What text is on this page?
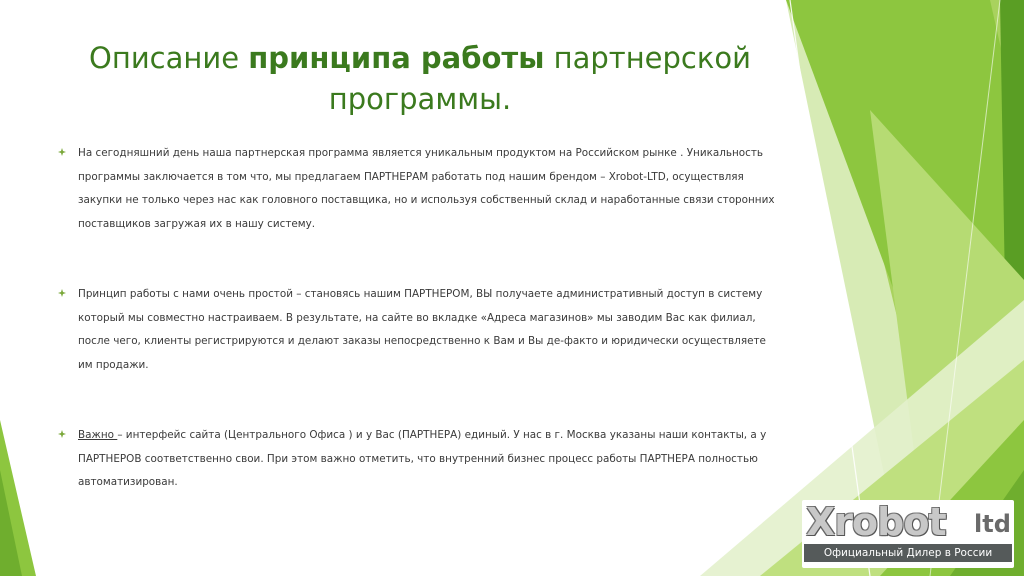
Описание принципа работы партнерской программы.

На сегодняшний день наша партнерская программа является уникальным продуктом на Российском рынке . Уникальность программы заключается в том что, мы предлагаем ПАРТНЕРАМ работать под нашим брендом – Xrobot-LTD, осуществляя закупки не только через нас как головного поставщика, но и используя собственный склад и наработанные связи сторонних поставщиков загружая их в нашу систему.

Принцип работы с нами очень простой – становясь нашим ПАРТНЕРОМ, ВЫ получаете административный доступ в систему который мы совместно настраиваем. В результате, на сайте во вкладке «Адреса магазинов» мы заводим Вас как филиал, после чего, клиенты регистрируются и делают заказы непосредственно к Вам и Вы де-факто и юридически осуществляете им продажи.

Важно – интерфейс сайта (Центрального Офиса ) и у Вас (ПАРТНЕРА) единый. У нас в г. Москва указаны наши контакты, а у ПАРТНЕРОВ соответственно свои. При этом важно отметить, что внутренний бизнес процесс работы ПАРТНЕРА полностью автоматизирован.

Xrobot	ltd
Официальный Дилер в России
